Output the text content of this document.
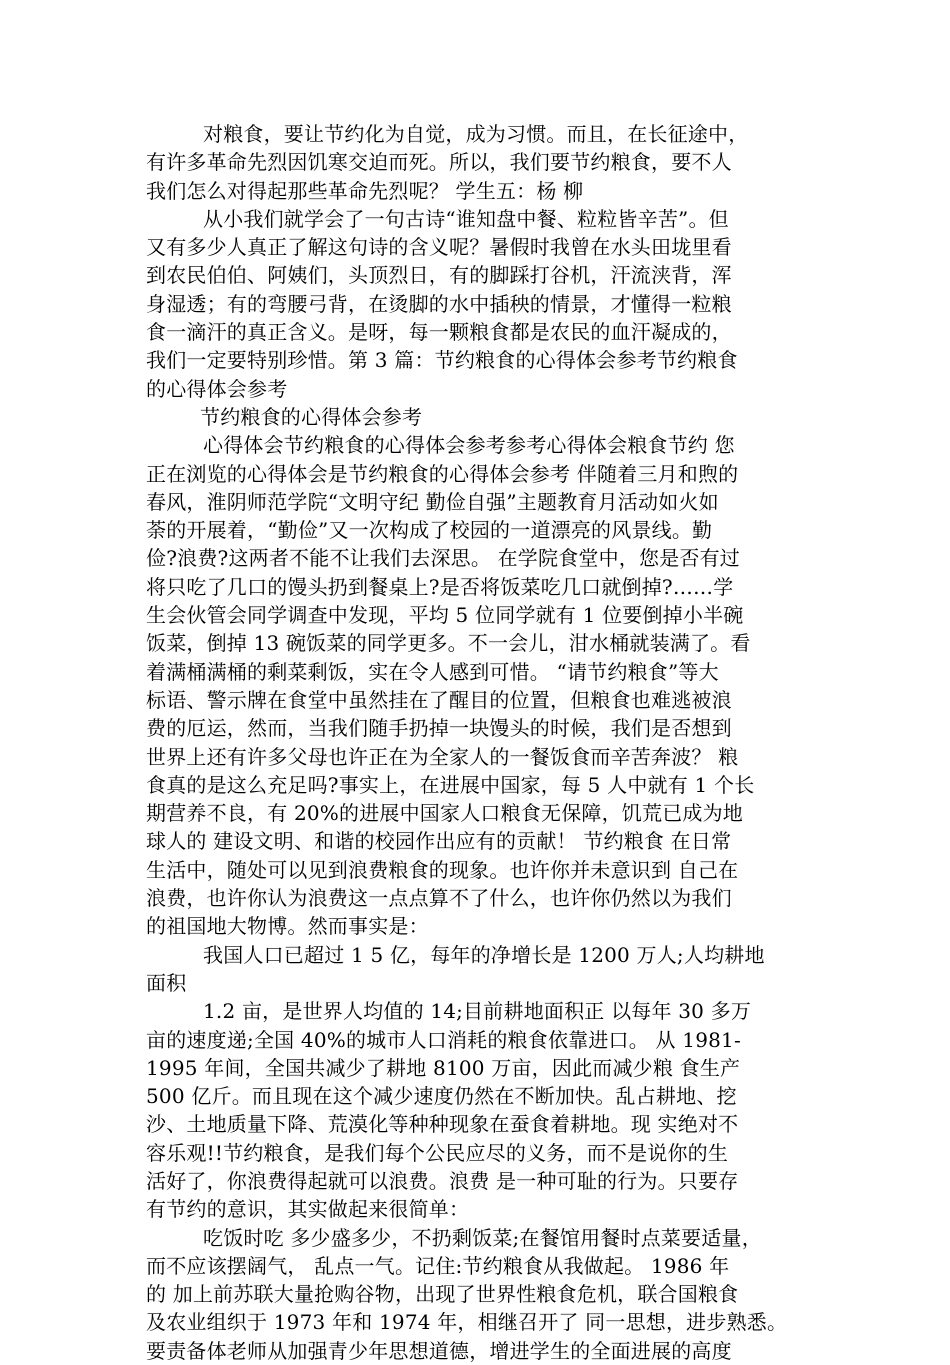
对粮食，要让节约化为自觉，成为习惯。而且，在长征途中，
有许多革命先烈因饥寒交迫而死。所以，我们要节约粮食，要不人
我们怎么对得起那些革命先烈呢？ 学生五：杨 柳
从小我们就学会了一句古诗“谁知盘中餐、粒粒皆辛苦”。但
又有多少人真正了解这句诗的含义呢？暑假时我曾在水头田垅里看
到农民伯伯、阿姨们，头顶烈日，有的脚踩打谷机，汗流浃背，浑
身湿透；有的弯腰弓背，在烫脚的水中插秧的情景，才懂得一粒粮
食一滴汗的真正含义。是呀，每一颗粮食都是农民的血汗凝成的，
我们一定要特别珍惜。第 3 篇：节约粮食的心得体会参考节约粮食
的心得体会参考
节约粮食的心得体会参考
心得体会节约粮食的心得体会参考参考心得体会粮食节约 您
正在浏览的心得体会是节约粮食的心得体会参考 伴随着三月和煦的
春风，淮阴师范学院“文明守纪 勤俭自强”主题教育月活动如火如
荼的开展着，“勤俭”又一次构成了校园的一道漂亮的风景线。勤
俭?浪费?这两者不能不让我们去深思。 在学院食堂中，您是否有过
将只吃了几口的馒头扔到餐桌上?是否将饭菜吃几口就倒掉?……学
生会伙管会同学调查中发现，平均 5 位同学就有 1 位要倒掉小半碗
饭菜，倒掉 13 碗饭菜的同学更多。不一会儿，泔水桶就装满了。看
着满桶满桶的剩菜剩饭，实在令人感到可惜。 “请节约粮食”等大
标语、警示牌在食堂中虽然挂在了醒目的位置，但粮食也难逃被浪
费的厄运，然而，当我们随手扔掉一块馒头的时候，我们是否想到
世界上还有许多父母也许正在为全家人的一餐饭食而辛苦奔波？ 粮
食真的是这么充足吗?事实上，在进展中国家，每 5 人中就有 1 个长
期营养不良，有 20%的进展中国家人口粮食无保障，饥荒已成为地
球人的 建设文明、和谐的校园作出应有的贡献！ 节约粮食 在日常
生活中，随处可以见到浪费粮食的现象。也许你并未意识到 自己在
浪费，也许你认为浪费这一点点算不了什么，也许你仍然以为我们
的祖国地大物博。然而事实是：
我国人口已超过 1 5 亿，每年的净增长是 1200 万人;人均耕地
面积
1.2 亩，是世界人均值的 14;目前耕地面积正 以每年 30 多万
亩的速度递;全国 40%的城市人口消耗的粮食依靠进口。 从 1981-
1995 年间，全国共减少了耕地 8100 万亩，因此而减少粮 食生产
500 亿斤。而且现在这个减少速度仍然在不断加快。乱占耕地、挖
沙、土地质量下降、荒漠化等种种现象在蚕食着耕地。现 实绝对不
容乐观!!节约粮食，是我们每个公民应尽的义务，而不是说你的生
活好了，你浪费得起就可以浪费。浪费 是一种可耻的行为。只要存
有节约的意识，其实做起来很简单：
吃饭时吃 多少盛多少，不扔剩饭菜;在餐馆用餐时点菜要适量，
而不应该摆阔气， 乱点一气。记住:节约粮食从我做起。 1986 年
的 加上前苏联大量抢购谷物，出现了世界性粮食危机，联合国粮食
及农业组织于 1973 年和 1974 年，相继召开了 同一思想，进步熟悉。
要责备体老师从加强青少年思想道德，增进学生的全面进展的高度
